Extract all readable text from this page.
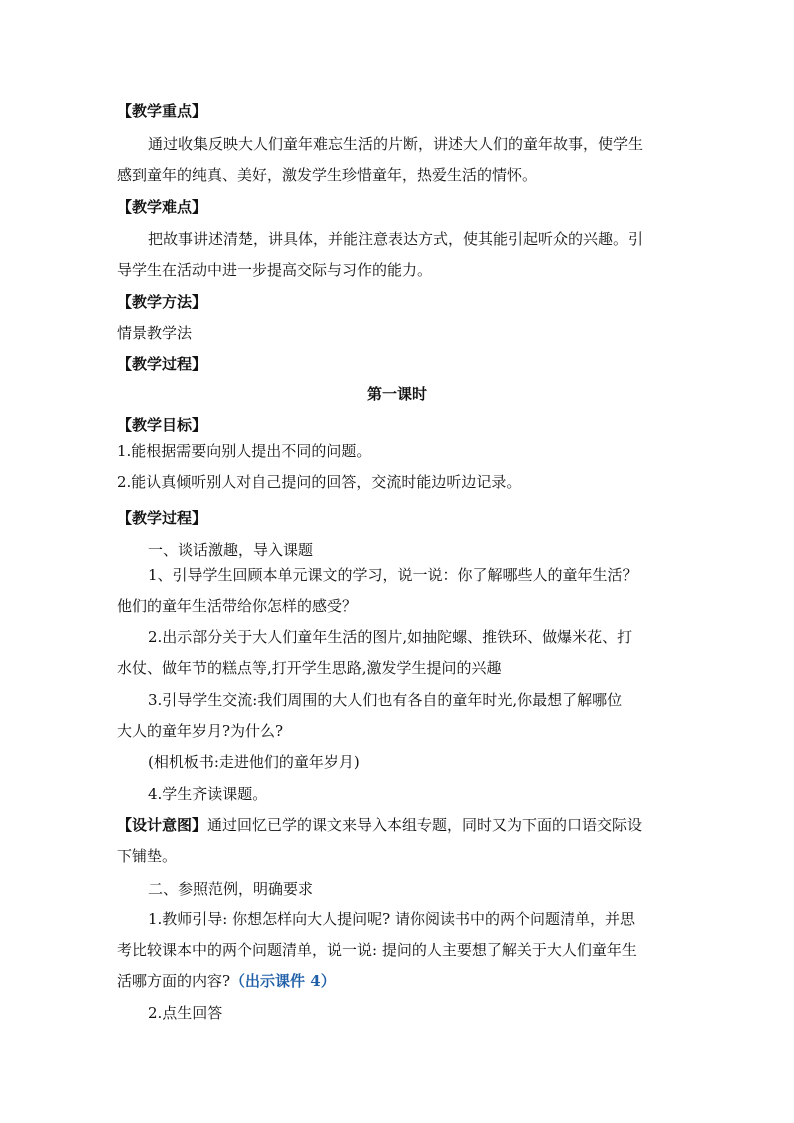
【教学重点】
通过收集反映大人们童年难忘生活的片断，讲述大人们的童年故事，使学生
感到童年的纯真、美好，激发学生珍惜童年，热爱生活的情怀。
【教学难点】
把故事讲述清楚，讲具体，并能注意表达方式，使其能引起听众的兴趣。引
导学生在活动中进一步提高交际与习作的能力。
【教学方法】
情景教学法
【教学过程】
第一课时
【教学目标】
1.能根据需要向别人提出不同的问题。
2.能认真倾听别人对自己提问的回答，交流时能边听边记录。
【教学过程】
一、谈话激趣，导入课题
1、引导学生回顾本单元课文的学习，说一说：你了解哪些人的童年生活？
他们的童年生活带给你怎样的感受？
2.出示部分关于大人们童年生活的图片,如抽陀螺、推铁环、做爆米花、打
水仗、做年节的糕点等,打开学生思路,激发学生提问的兴趣
3.引导学生交流:我们周围的大人们也有各自的童年时光,你最想了解哪位
大人的童年岁月?为什么?
(相机板书:走进他们的童年岁月)
4.学生齐读课题。
【设计意图】通过回忆已学的课文来导入本组专题，同时又为下面的口语交际设
下铺垫。
二、参照范例，明确要求
1.教师引导: 你想怎样向大人提问呢? 请你阅读书中的两个问题清单，并思
考比较课本中的两个问题清单，说一说: 提问的人主要想了解关于大人们童年生
活哪方面的内容?（出示课件 4）
2.点生回答
